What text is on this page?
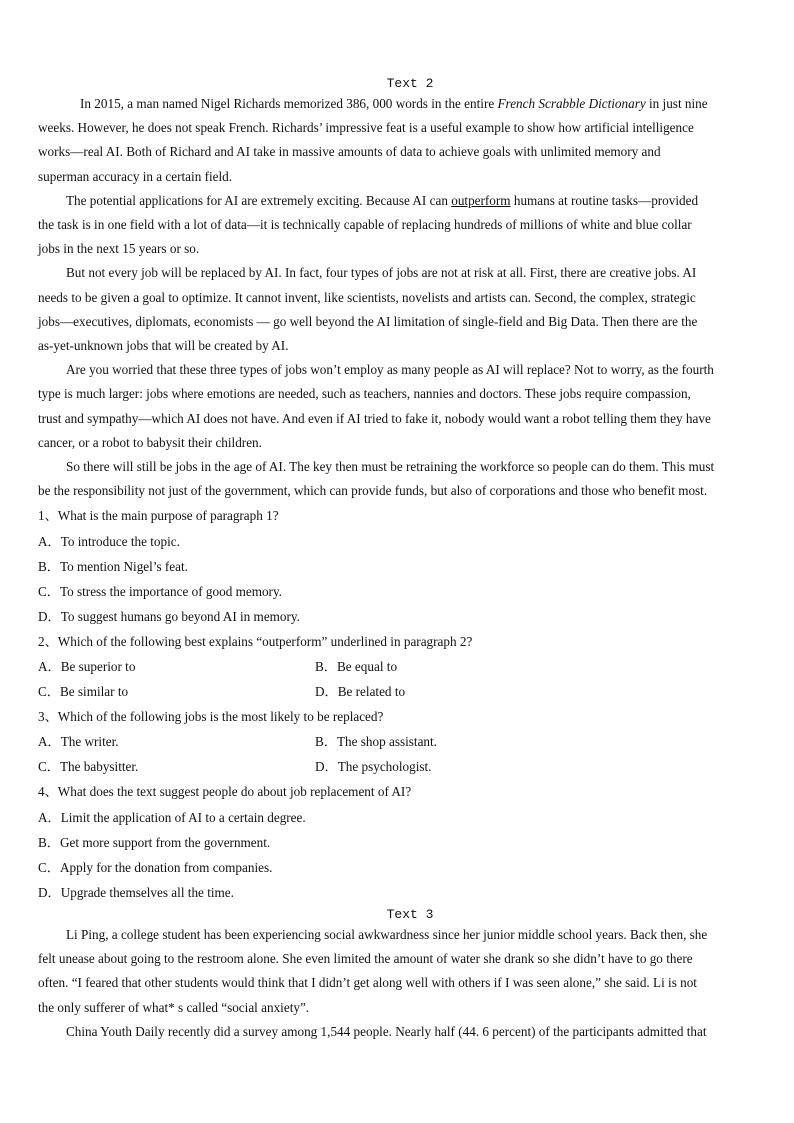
Text 2
In 2015, a man named Nigel Richards memorized 386, 000 words in the entire French Scrabble Dictionary in just nine
weeks. However, he does not speak French. Richards’ impressive feat is a useful example to show how artificial intelligence
works—real AI. Both of Richard and AI take in massive amounts of data to achieve goals with unlimited memory and
superman accuracy in a certain field.
The potential applications for AI are extremely exciting. Because AI can outperform humans at routine tasks—provided
the task is in one field with a lot of data—it is technically capable of replacing hundreds of millions of white and blue collar
jobs in the next 15 years or so.
But not every job will be replaced by AI. In fact, four types of jobs are not at risk at all. First, there are creative jobs. AI
needs to be given a goal to optimize. It cannot invent, like scientists, novelists and artists can. Second, the complex, strategic
jobs—executives, diplomats, economists — go well beyond the AI limitation of single-field and Big Data. Then there are the
as-yet-unknown jobs that will be created by AI.
Are you worried that these three types of jobs won’t employ as many people as AI will replace? Not to worry, as the fourth
type is much larger: jobs where emotions are needed, such as teachers, nannies and doctors. These jobs require compassion,
trust and sympathy—which AI does not have. And even if AI tried to fake it, nobody would want a robot telling them they have
cancer, or a robot to babysit their children.
So there will still be jobs in the age of AI. The key then must be retraining the workforce so people can do them. This must
be the responsibility not just of the government, which can provide funds, but also of corporations and those who benefit most.
1、What is the main purpose of paragraph 1?
A．To introduce the topic.
B．To mention Nigel’s feat.
C．To stress the importance of good memory.
D．To suggest humans go beyond AI in memory.
2、Which of the following best explains “outperform” underlined in paragraph 2?
A．Be superior to	B．Be equal to
C．Be similar to	D．Be related to
3、Which of the following jobs is the most likely to be replaced?
A．The writer.	B．The shop assistant.
C．The babysitter.	D．The psychologist.
4、What does the text suggest people do about job replacement of AI?
A．Limit the application of AI to a certain degree.
B．Get more support from the government.
C．Apply for the donation from companies.
D．Upgrade themselves all the time.
Text 3
Li Ping, a college student has been experiencing social awkwardness since her junior middle school years. Back then, she
felt unease about going to the restroom alone. She even limited the amount of water she drank so she didn’t have to go there
often. “I feared that other students would think that I didn’t get along well with others if I was seen alone,” she said. Li is not
the only sufferer of what* s called “social anxiety”.
China Youth Daily recently did a survey among 1,544 people. Nearly half (44. 6 percent) of the participants admitted that
